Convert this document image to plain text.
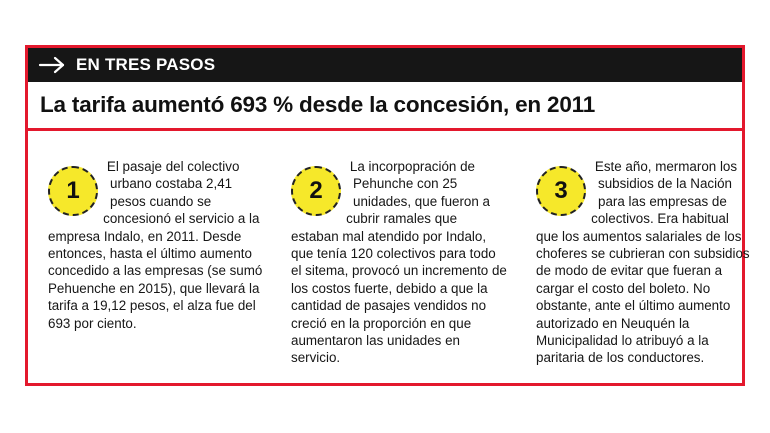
EN TRES PASOS
La tarifa aumentó 693 % desde la concesión, en 2011
1

El pasaje del colectivo urbano costaba 2,41 pesos cuando se concesionó el servicio a la empresa Indalo, en 2011. Desde entonces, hasta el último aumento concedido a las empresas (se sumó Pehuenche en 2015), que llevará la tarifa a 19,12 pesos, el alza fue del 693 por ciento.

2

La incorpopración de Pehunche con 25 unidades, que fueron a cubrir ramales que estaban mal atendido por Indalo, que tenía 120 colectivos para todo el sitema, provocó un incremento de los costos fuerte, debido a que la cantidad de pasajes vendidos no creció en la proporción en que aumentaron las unidades en servicio.

3

Este año, mermaron los subsidios de la Nación para las empresas de colectivos. Era habitual que los aumentos salariales de los choferes se cubrieran con subsidios de modo de evitar que fueran a cargar el costo del boleto. No obstante, ante el último aumento autorizado en Neuquén la Municipalidad lo atribuyó a la paritaria de los conductores.
